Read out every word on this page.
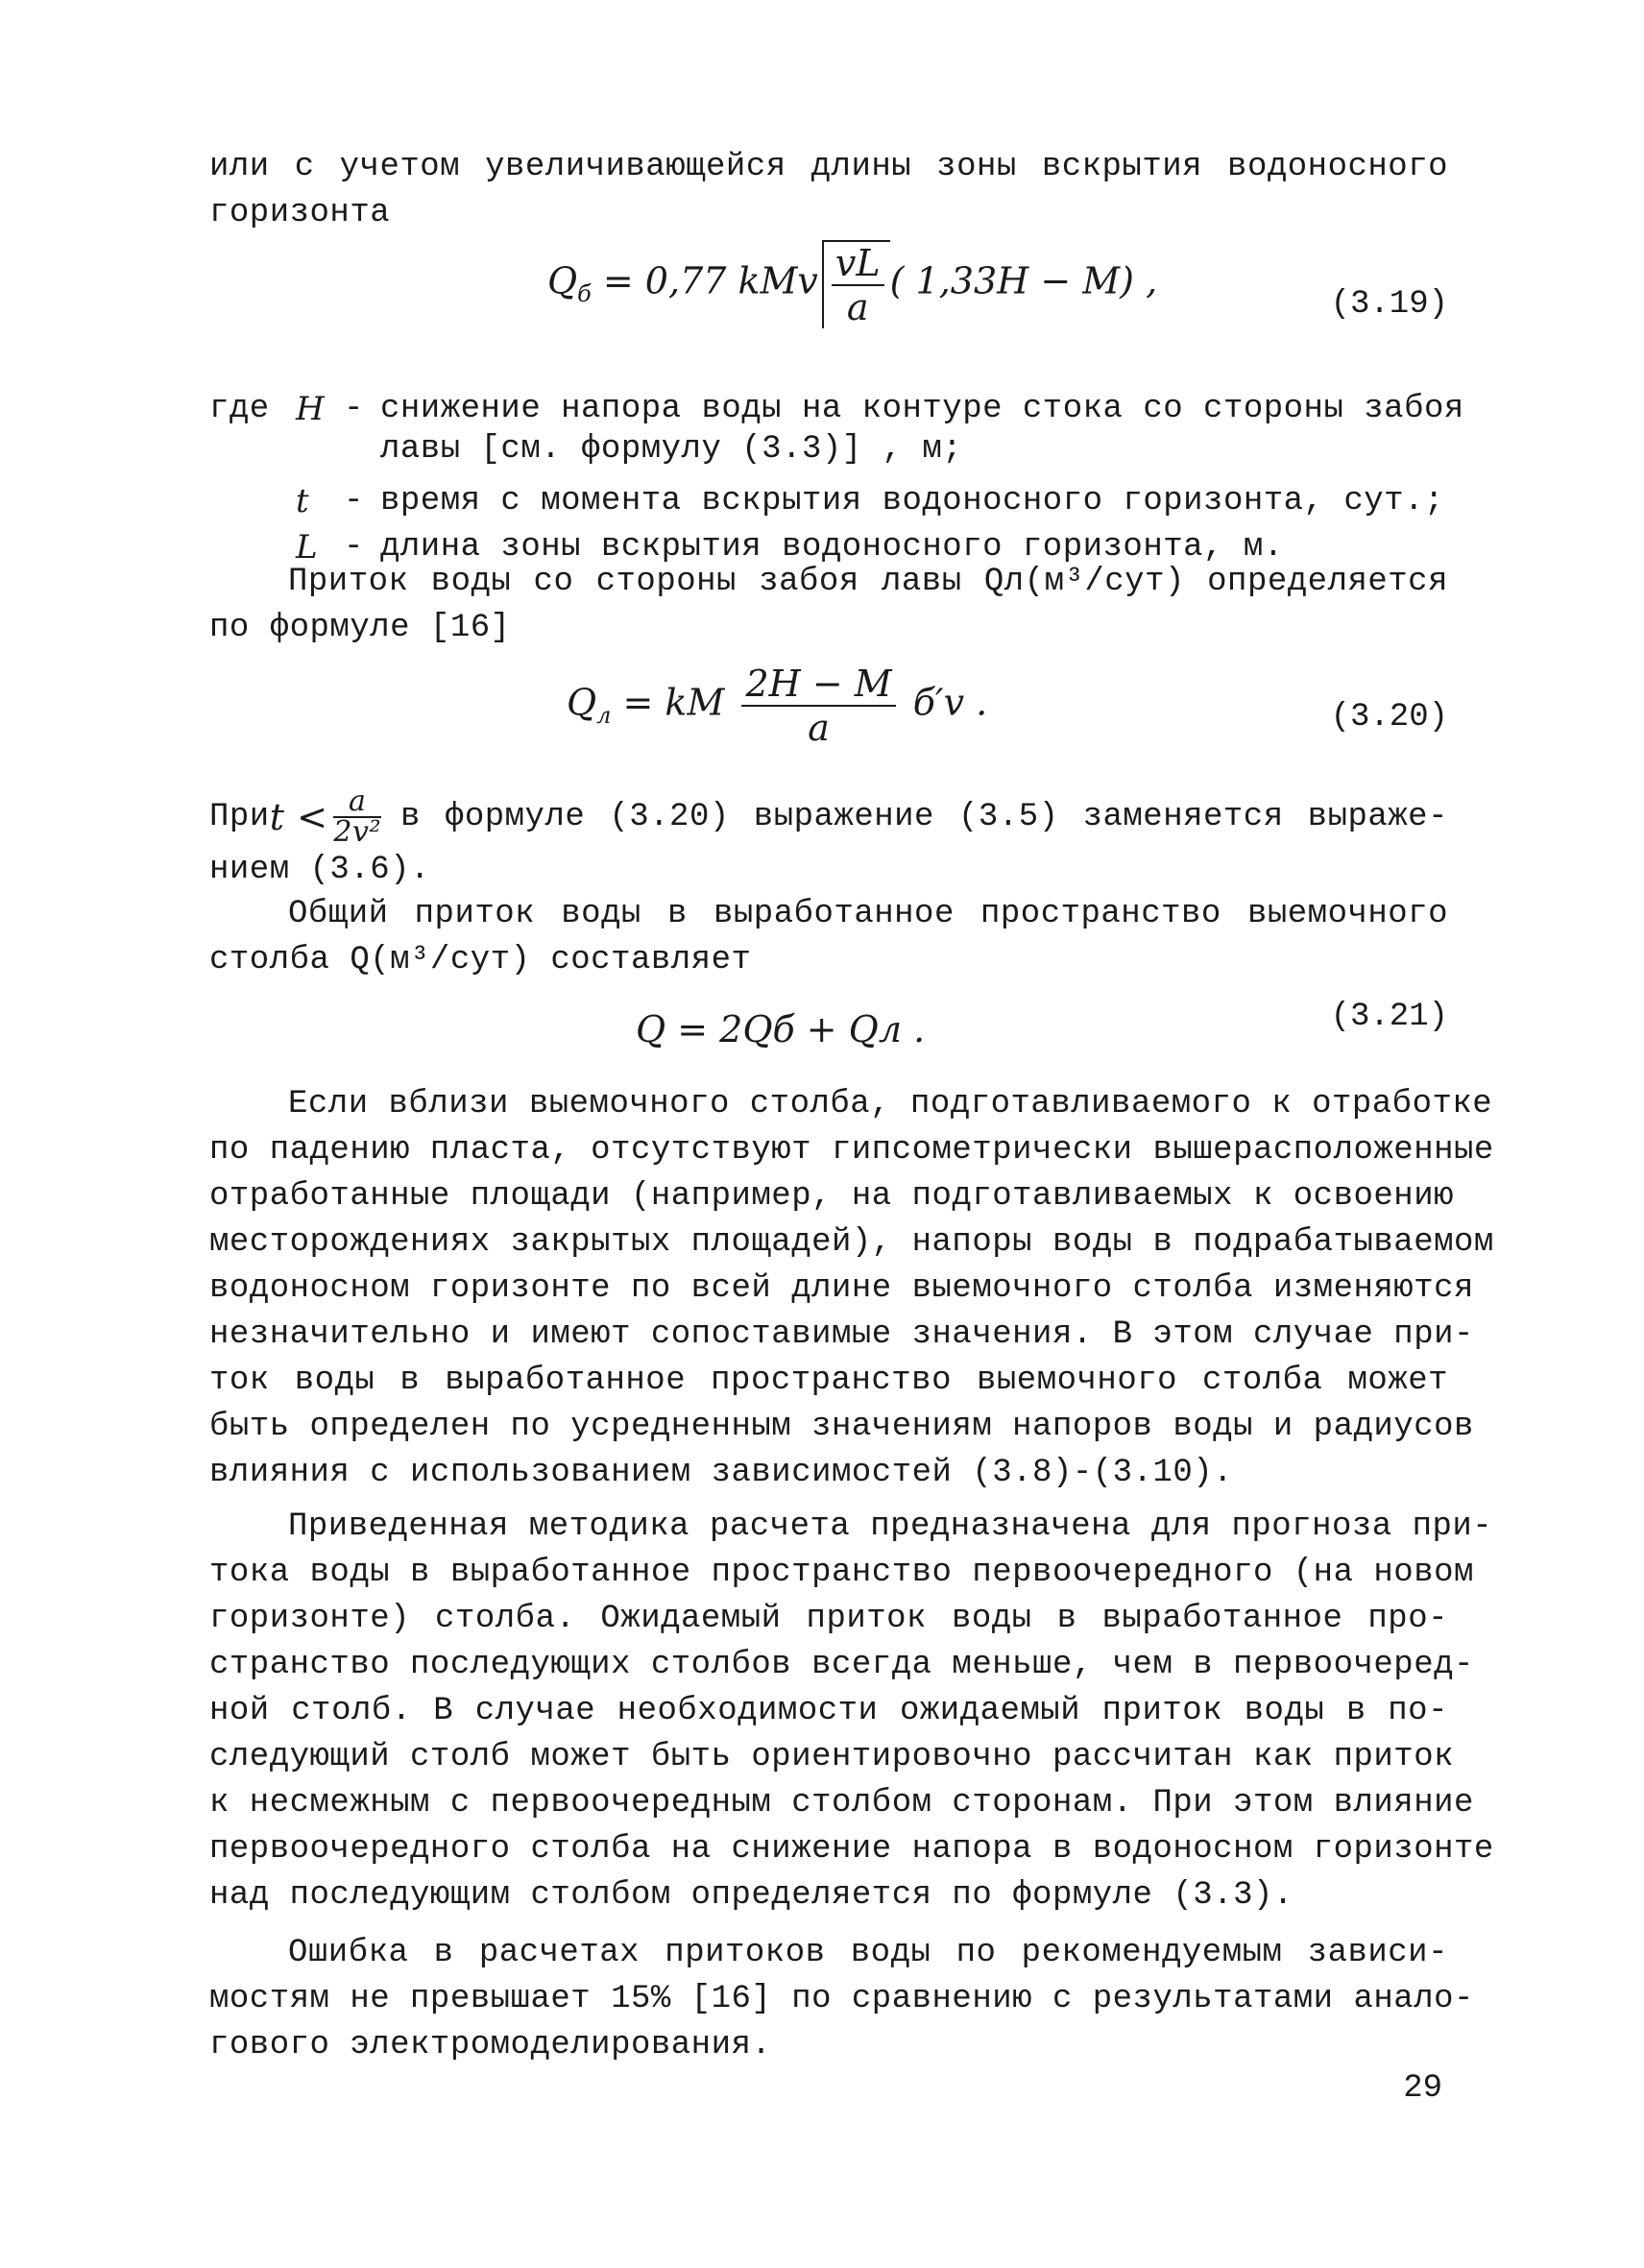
или с учетом увеличивающейся длины зоны вскрытия водоносного
горизонта
$Q_б = 0,77$ kMv $\frac{vL}{a}$ ( 1,33H − M) ,
(3.19)
где H - снижение напора воды на контуре стока со стороны забоя
лавы [см. формулу (3.3)] , м;
t	- время с момента вскрытия водоносного горизонта, сут.;
L - длина зоны вскрытия водоносного горизонта, м.
Приток воды со стороны забоя лавы Qл(м³/сут) определяется
по формуле [16]
$Q_л$ = kM $\frac{2H - M}{a} б'v$ .	(3.20)
При $t < \frac{a}{\text{2v²}}$ в формуле (3.20) выражение (3.5) заменяется выраже-
нием (3.6).
Общий приток воды в выработанное пространство выемочного
столба Q(м³/сут) составляет
Q = 2Qб + Qл .	(3.21)
Если вблизи выемочного столба, подготавливаемого к отработке
по падению пласта, отсутствуют гипсометрически вышерасположенные
отработанные площади (например, на подготавливаемых к освоению
месторождениях закрытых площадей), напоры воды в подрабатываемом
водоносном горизонте по всей длине выемочного столба изменяются
незначительно и имеют сопоставимые значения. В этом случае при-
ток воды в выработанное пространство выемочного столба может
быть определен по усредненным значениям напоров воды и радиусов
влияния с использованием зависимостей (3.8)-(3.10).
Приведенная методика расчета предназначена для прогноза при-
тока воды в выработанное пространство первоочередного (на новом
горизонте) столба. Ожидаемый приток воды в выработанное про-
странство последующих столбов всегда меньше, чем в первоочеред-
ной столб. В случае необходимости ожидаемый приток воды в по-
следующий столб может быть ориентировочно рассчитан как приток
к несмежным с первоочередным столбом сторонам. При этом влияние
первоочередного столба на снижение напора в водоносном горизонте
над последующим столбом определяется по формуле (3.3).
Ошибка в расчетах притоков воды по рекомендуемым зависи-
мостям не превышает 15% [16] по сравнению с результатами анало-
гового электромоделирования.
29
